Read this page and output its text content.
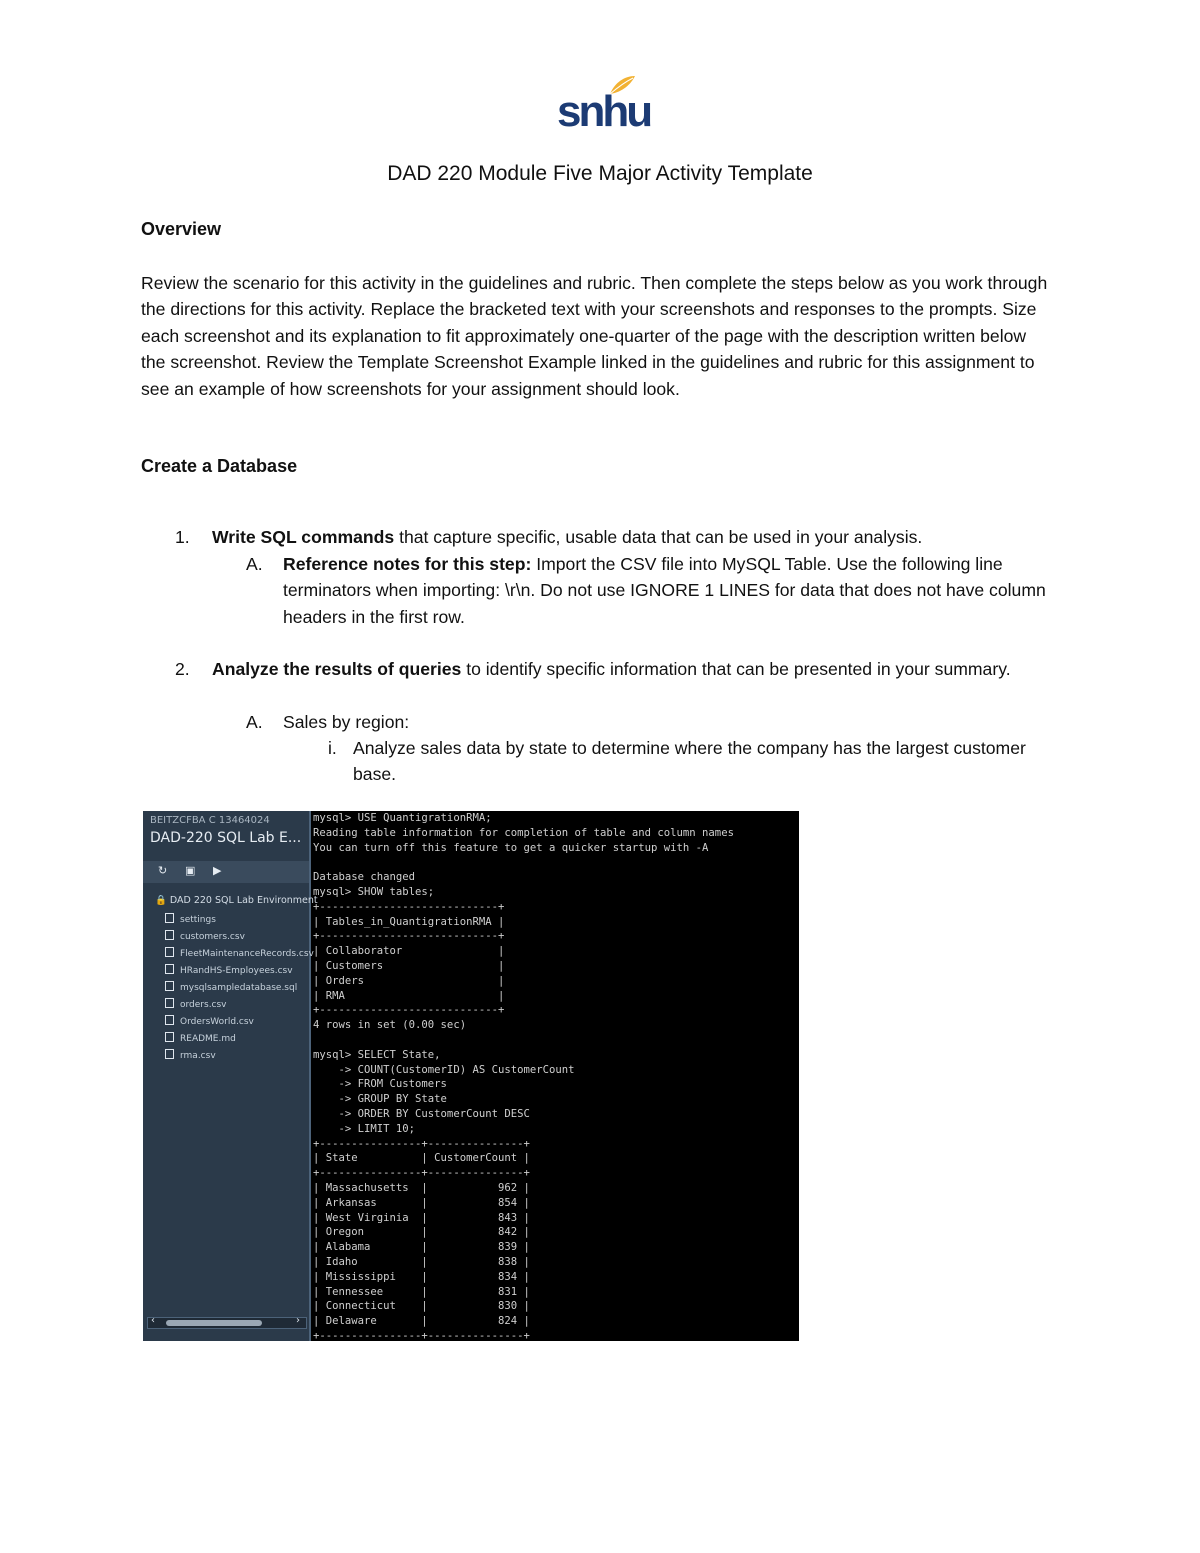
snhu
DAD 220 Module Five Major Activity Template
Overview
Review the scenario for this activity in the guidelines and rubric. Then complete the steps below as you work through the directions for this activity. Replace the bracketed text with your screenshots and responses to the prompts. Size each screenshot and its explanation to fit approximately one-quarter of the page with the description written below the screenshot. Review the Template Screenshot Example linked in the guidelines and rubric for this assignment to see an example of how screenshots for your assignment should look.
Create a Database
1. Write SQL commands that capture specific, usable data that can be used in your analysis.
A. Reference notes for this step: Import the CSV file into MySQL Table. Use the following line terminators when importing: \r\n. Do not use IGNORE 1 LINES for data that does not have column headers in the first row.
2. Analyze the results of queries to identify specific information that can be presented in your summary.
A. Sales by region:
i. Analyze sales data by state to determine where the company has the largest customer base.
BEITZCFBA C 13464024
DAD-220 SQL Lab E...
↻ ▣ ▶
🔒 DAD 220 SQL Lab Environment
settings
customers.csv
FleetMaintenanceRecords.csv
HRandHS-Employees.csv
mysqlsampledatabase.sql
orders.csv
OrdersWorld.csv
README.md
rma.csv
‹	›
mysql> USE QuantigrationRMA;
Reading table information for completion of table and column names
You can turn off this feature to get a quicker startup with -A
Database changed
mysql> SHOW tables;
+----------------------------+
| Tables_in_QuantigrationRMA |
+----------------------------+
| Collaborator               |
| Customers                  |
| Orders                     |
| RMA                        |
+----------------------------+
4 rows in set (0.00 sec)
mysql> SELECT State,
-> COUNT(CustomerID) AS CustomerCount
-> FROM Customers
-> GROUP BY State
-> ORDER BY CustomerCount DESC
-> LIMIT 10;
+----------------+---------------+
| State          | CustomerCount |
+----------------+---------------+
| Massachusetts  |           962 |
| Arkansas       |           854 |
| West Virginia  |           843 |
| Oregon         |           842 |
| Alabama        |           839 |
| Idaho          |           838 |
| Mississippi    |           834 |
| Tennessee      |           831 |
| Connecticut    |           830 |
| Delaware       |           824 |
+----------------+---------------+
